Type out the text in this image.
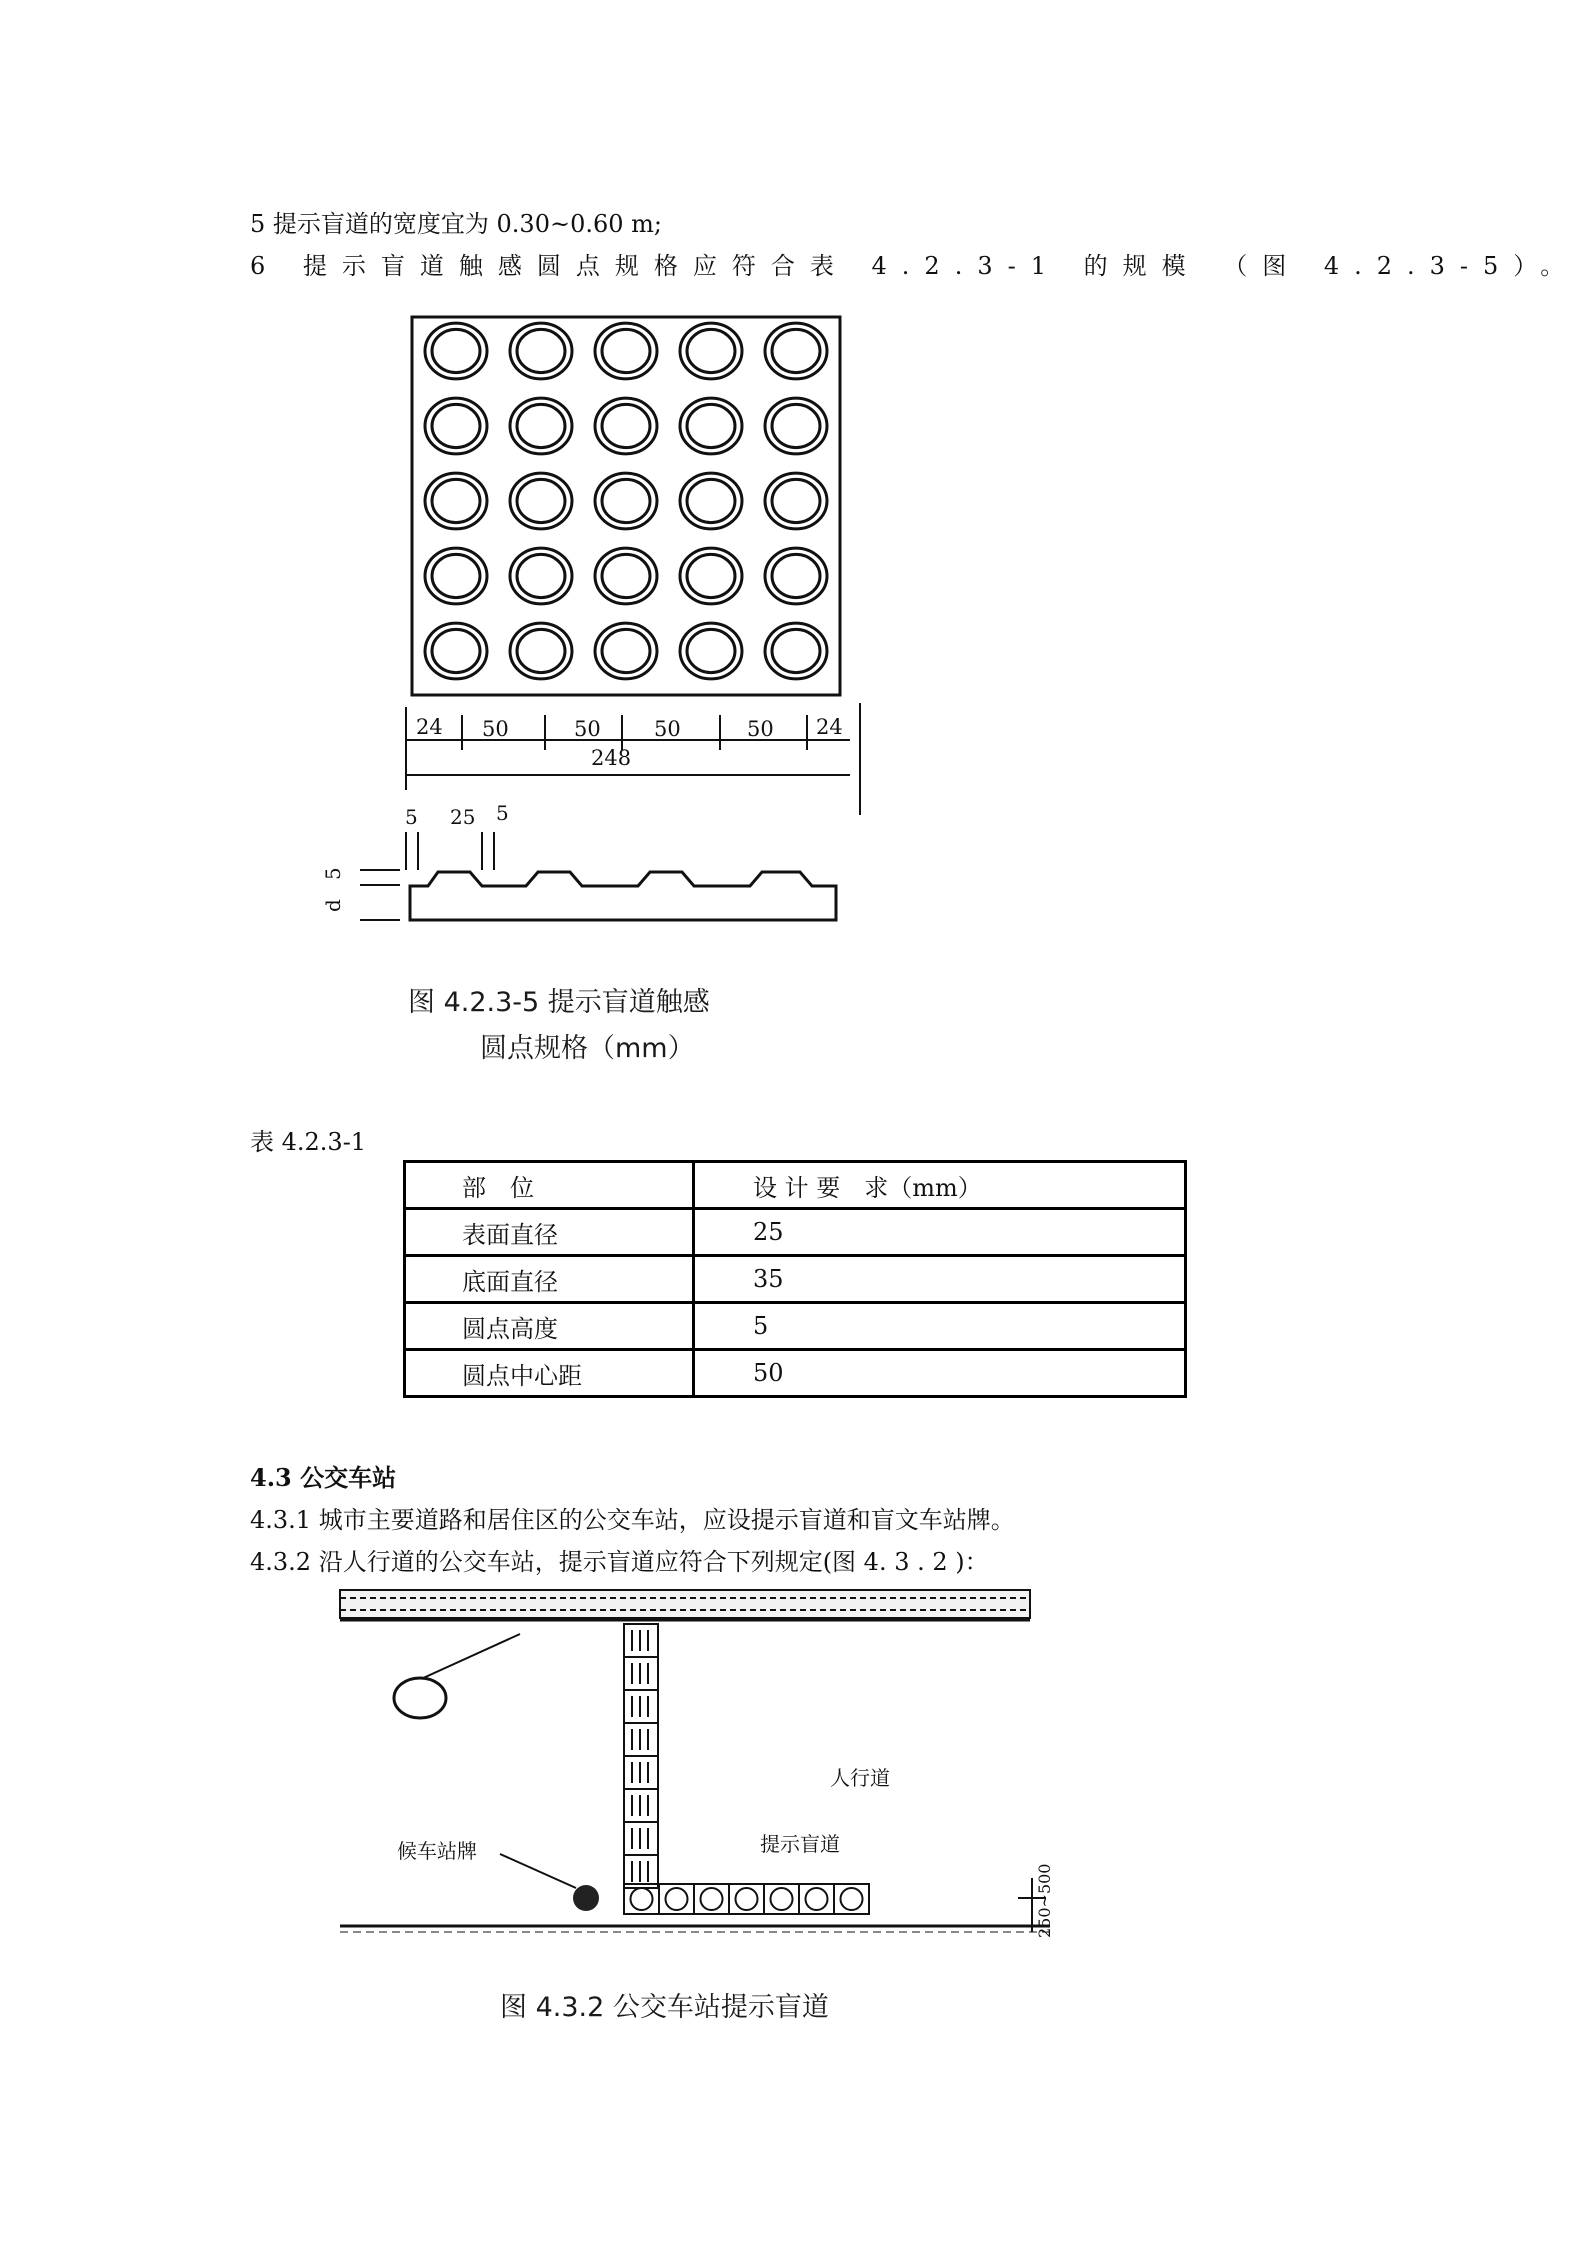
5 提示盲道的宽度宜为 0.30~0.60 m;
6 提示盲道触感圆点规格应符合表 4.2.3-1 的规模 （图 4.2.3-5）。
24 50	50	50	50 24
248
5 25 5
5
d
图 4.2.3-5 提示盲道触感
圆点规格（mm）
表 4.2.3-1
部　位	设 计 要　求（mm）
表面直径	25
底面直径	35
圆点高度	5
圆点中心距	50
4.3 公交车站
4.3.1 城市主要道路和居住区的公交车站，应设提示盲道和盲文车站牌。
4.3.2 沿人行道的公交车站，提示盲道应符合下列规定(图 4. 3 . 2 )：
候车站牌
人行道
提示盲道
250~500
图 4.3.2 公交车站提示盲道
